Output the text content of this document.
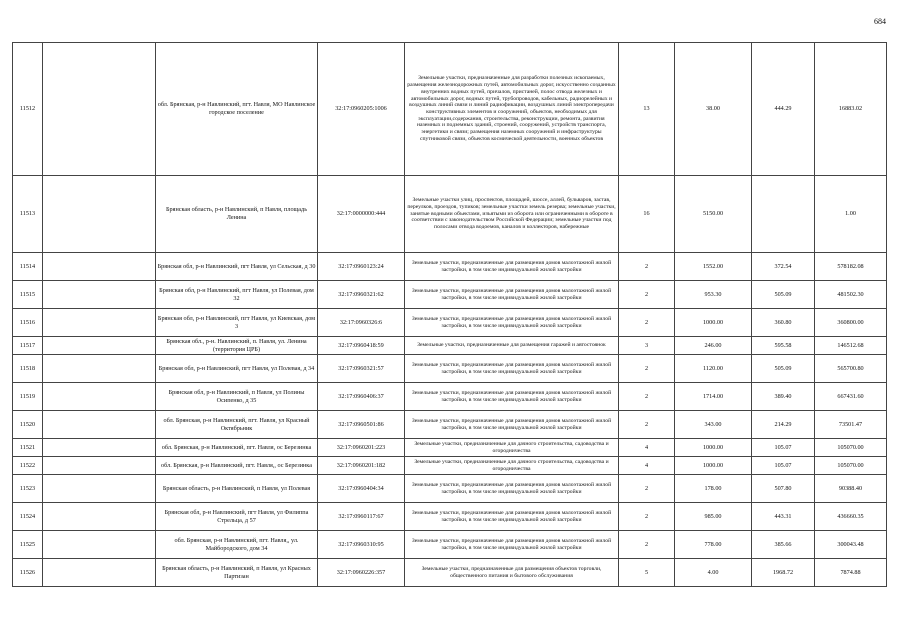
684
11512		обл. Брянская, р-н Навлинский, пгт. Навля, МО Навлинское городское поселение	32:17:0960205:1006	Земельные участки, предназначенные для разработки полезных ископаемых, размещения железнодорожных путей, автомобильных дорог, искусственно созданных внутренних водных путей, причалов, пристаней, полос отвода железных и автомобильных дорог, водных путей, трубопроводов, кабельных, радиорелейных и воздушных линий связи и линий радиофикации, воздушных линий электропередачи конструктивных элементов и сооружений, объектов, необходимых для эксплуатации,содержания, строительства, реконструкции, ремонта, развития наземных и подземных зданий, строений, сооружений, устройств транспорта, энергетики и связи; размещения наземных сооружений и инфраструктуры спутниковой связи, объектов космической деятельности, военных объектов	13	38.00	444.29	16883.02
11513		Брянская область, р-н Навлинский, п Навля, площадь Ленина	32:17:0000000:444	Земельные участки улиц, проспектов, площадей, шоссе, аллей, бульваров, застав, переулков, проездов, тупиков; земельные участки земель резерва; земельные участки, занятые водными объектами, изъятыми из оборота или ограниченными в обороте в соответствии с законодательством Российской Федерации; земельные участки под полосами отвода водоемов, каналов и коллекторов, набережные	16	5150.00		1.00
11514		Брянская обл, р-н Навлинский, пгт Навля, ул Сельская, д 30	32:17:0960123:24	Земельные участки, предназначенные для размещения домов малоэтажной жилой застройки, в том числе индивидуальной жилой застройки	2	1552.00	372.54	578182.08
11515		Брянская обл, р-н Навлинский, пгт Навля, ул Полевая, дом 32	32:17:0960321:62	Земельные участки, предназначенные для размещения домов малоэтажной жилой застройки, в том числе индивидуальной жилой застройки	2	953.30	505.09	481502.30
11516		Брянская обл, р-н Навлинский, пгт Навля, ул Киевская, дом 3	32:17:0960326:6	Земельные участки, предназначенные для размещения домов малоэтажной жилой застройки, в том числе индивидуальной жилой застройки	2	1000.00	360.80	360800.00
11517		Брянская обл., р-н. Навлинский, п. Навля, ул. Ленина (территория ЦРБ)	32:17:0960418:59	Земельные участки, предназначенные для размещения гаражей и автостоянок	3	246.00	595.58	146512.68
11518		Брянская обл, р-н Навлинский, пгт Навля, ул Полевая, д 34	32:17:0960321:57	Земельные участки, предназначенные для размещения домов малоэтажной жилой застройки, в том числе индивидуальной жилой застройки	2	1120.00	505.09	565700.80
11519		Брянская обл, р-н Навлинский, п Навля, ул Полины Осипенко, д 35	32:17:0960406:37	Земельные участки, предназначенные для размещения домов малоэтажной жилой застройки, в том числе индивидуальной жилой застройки	2	1714.00	389.40	667431.60
11520		обл. Брянская, р-н Навлинский, пгт. Навля, ул Красный Октябрьник	32:17:0960501:86	Земельные участки, предназначенные для размещения домов малоэтажной жилой застройки, в том числе индивидуальной жилой застройки	2	343.00	214.29	73501.47
11521		обл. Брянская, р-н Навлинский, пгт. Навля, ос Березинка	32:17:0960201:223	Земельные участки, предназначенные для дачного строительства, садоводства и огородничества	4	1000.00	105.07	105070.00
11522		обл. Брянская, р-н Навлинский, пгт. Навля,, ос Березинка	32:17:0960201:182	Земельные участки, предназначенные для дачного строительства, садоводства и огородничества	4	1000.00	105.07	105070.00
11523		Брянская область, р-н Навлинский, п Навля, ул Полевая	32:17:0960404:34	Земельные участки, предназначенные для размещения домов малоэтажной жилой застройки, в том числе индивидуальной жилой застройки	2	178.00	507.80	90388.40
11524		Брянская обл, р-н Навлинский, пгт Навля, ул Филиппа Стрельца, д 57	32:17:0960117:67	Земельные участки, предназначенные для размещения домов малоэтажной жилой застройки, в том числе индивидуальной жилой застройки	2	985.00	443.31	436660.35
11525		обл. Брянская, р-н Навлинский, пгт. Навля,, ул. Майбородского, дом 34	32:17:0960310:95	Земельные участки, предназначенные для размещения домов малоэтажной жилой застройки, в том числе индивидуальной жилой застройки	2	778.00	385.66	300043.48
11526		Брянская область, р-н Навлинский, п Навля, ул Красных Партизан	32:17:0960226:357	Земельные участки, предназначенные для размещения объектов торговли, общественного питания и бытового обслуживания	5	4.00	1968.72	7874.88
